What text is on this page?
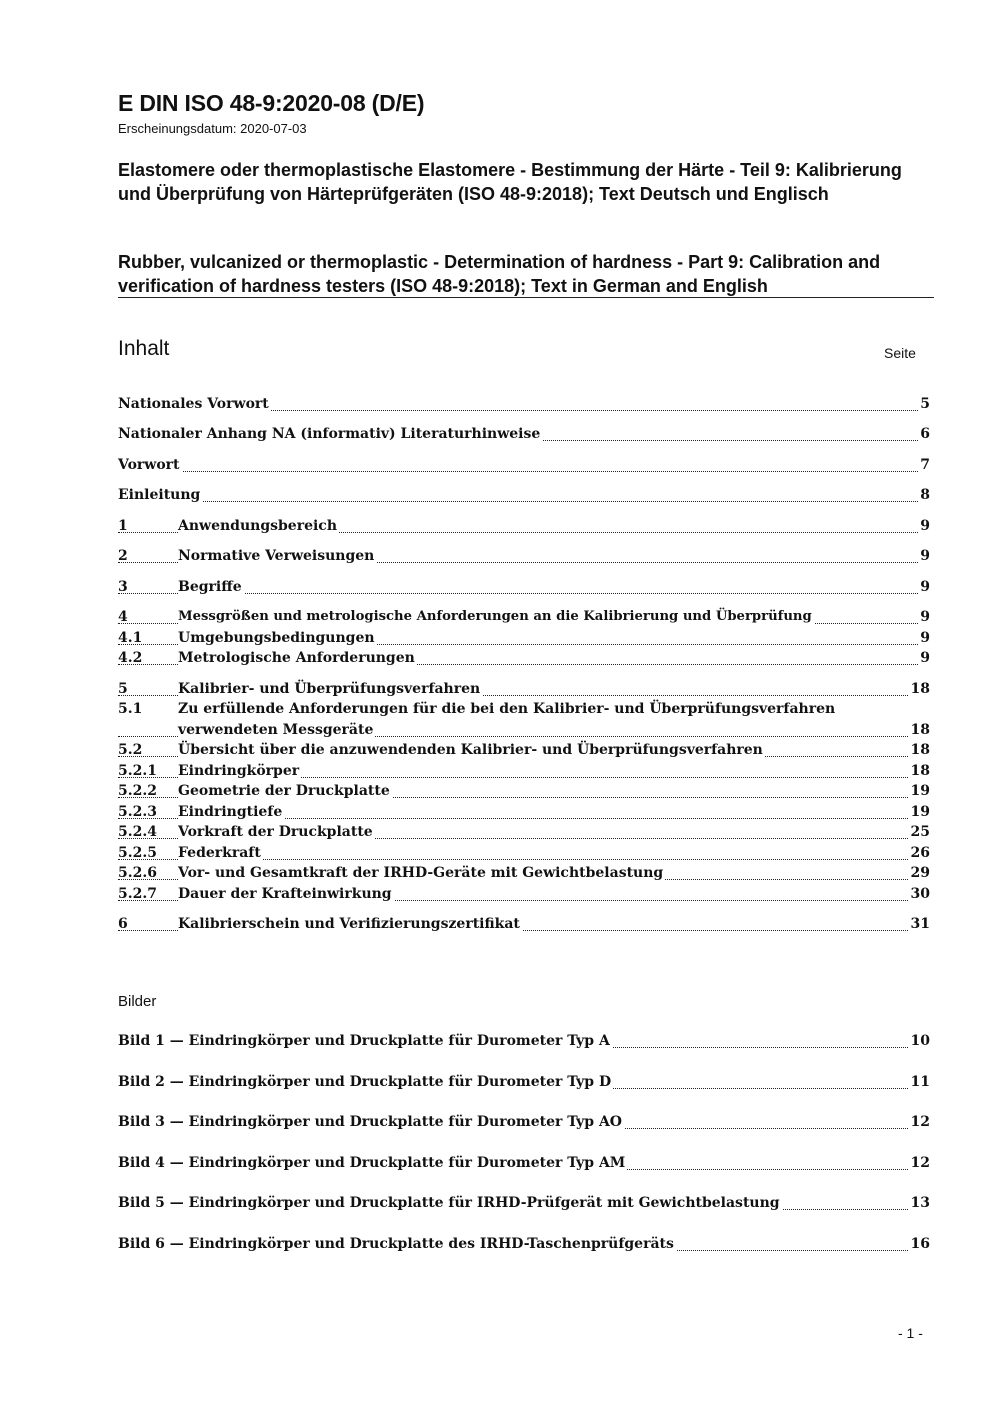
E DIN ISO 48-9:2020-08 (D/E)
Erscheinungsdatum: 2020-07-03
Elastomere oder thermoplastische Elastomere - Bestimmung der Härte - Teil 9: Kalibrierung und Überprüfung von Härteprüfgeräten (ISO 48-9:2018); Text Deutsch und Englisch
Rubber, vulcanized or thermoplastic - Determination of hardness - Part 9: Calibration and verification of hardness testers (ISO 48-9:2018); Text in German and English
Inhalt	Seite
Nationales Vorwort	5
Nationaler Anhang NA (informativ) Literaturhinweise	6
Vorwort	7
Einleitung	8
1	Anwendungsbereich	9
2	Normative Verweisungen	9
3	Begriffe	9
4	Messgrößen und metrologische Anforderungen an die Kalibrierung und Überprüfung	9
4.1	Umgebungsbedingungen	9
4.2	Metrologische Anforderungen	9
5	Kalibrier- und Überprüfungsverfahren	18
5.1	Zu erfüllende Anforderungen für die bei den Kalibrier- und Überprüfungsverfahren
verwendeten Messgeräte	18
5.2	Übersicht über die anzuwendenden Kalibrier- und Überprüfungsverfahren	18
5.2.1 Eindringkörper	18
5.2.2 Geometrie der Druckplatte	19
5.2.3 Eindringtiefe	19
5.2.4 Vorkraft der Druckplatte	25
5.2.5 Federkraft	26
5.2.6 Vor- und Gesamtkraft der IRHD-Geräte mit Gewichtbelastung	29
5.2.7 Dauer der Krafteinwirkung	30
6	Kalibrierschein und Verifizierungszertifikat	31
Bilder
Bild 1 — Eindringkörper und Druckplatte für Durometer Typ A	10
Bild 2 — Eindringkörper und Druckplatte für Durometer Typ D	11
Bild 3 — Eindringkörper und Druckplatte für Durometer Typ AO	12
Bild 4 — Eindringkörper und Druckplatte für Durometer Typ AM	12
Bild 5 — Eindringkörper und Druckplatte für IRHD-Prüfgerät mit Gewichtbelastung	13
Bild 6 — Eindringkörper und Druckplatte des IRHD-Taschenprüfgeräts	16
- 1 -
